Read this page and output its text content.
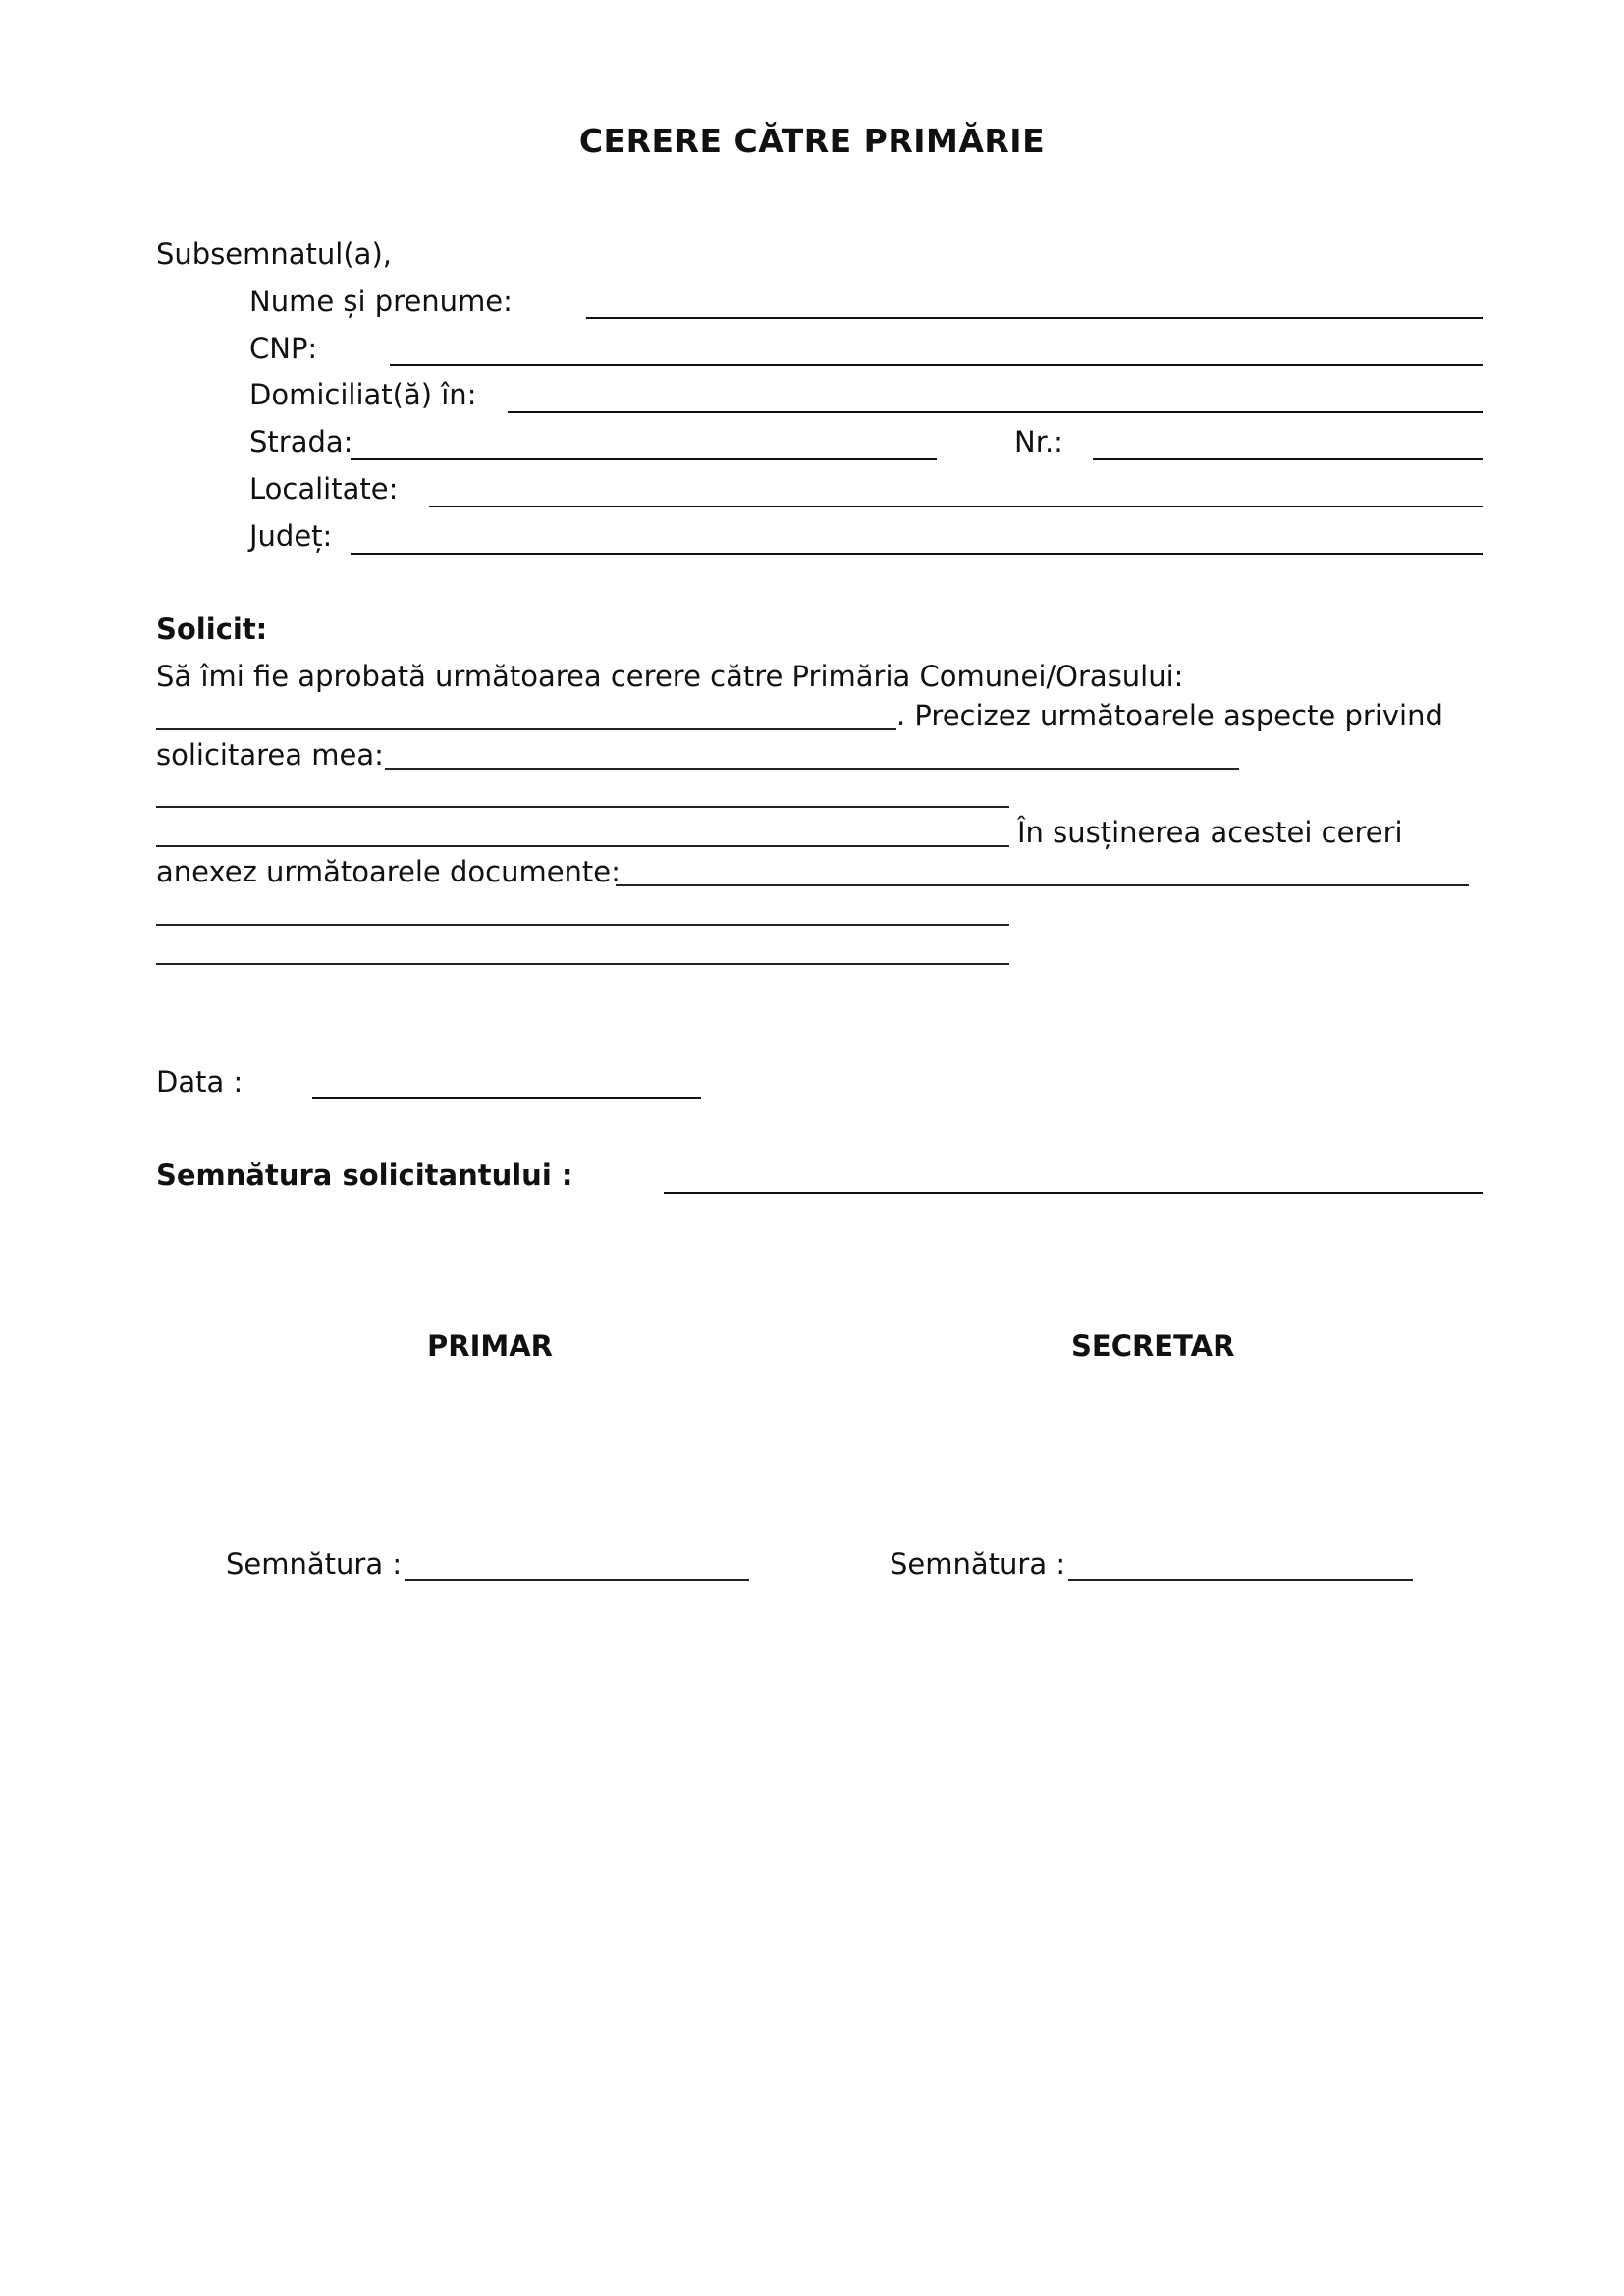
CERERE CĂTRE PRIMĂRIE
Subsemnatul(a),
Nume și prenume:
CNP:
Domiciliat(ă) în:
Strada:	Nr.:
Localitate:
Județ:
Solicit:
Să îmi fie aprobată următoarea cerere către Primăria Comunei/Orasului:
. Precizez următoarele aspecte privind
solicitarea mea:
În susținerea acestei cereri
anexez următoarele documente:
Data :
Semnătura solicitantului :
PRIMAR	SECRETAR
Semnătura :	Semnătura :
